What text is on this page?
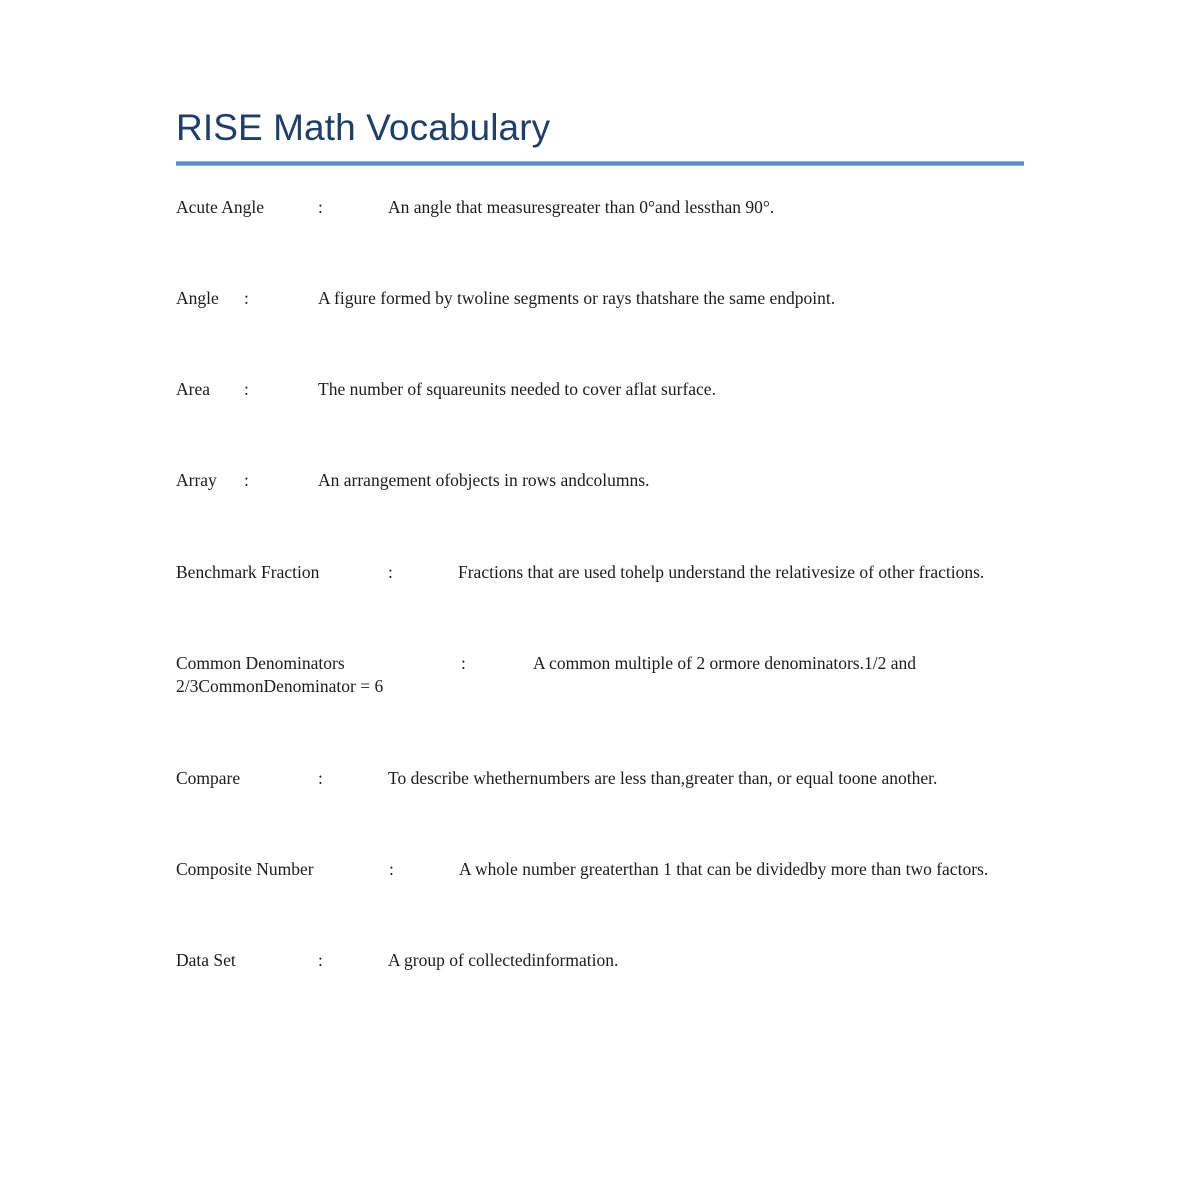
RISE Math Vocabulary
Acute Angle	:	An angle that measuresgreater than 0°and lessthan 90°.
Angle :	A figure formed by twoline segments or rays thatshare the same endpoint.
Area :	The number of squareunits needed to cover aflat surface.
Array :	An arrangement ofobjects in rows andcolumns.
Benchmark Fraction	:	Fractions that are used tohelp understand the relativesize of other fractions.
Common Denominators	:	A common multiple of 2 ormore denominators.1/2 and 2/3CommonDenominator = 6
Compare	:	To describe whethernumbers are less than,greater than, or equal toone another.
Composite Number	:	A whole number greaterthan 1 that can be dividedby more than two factors.
Data Set	:	A group of collectedinformation.
